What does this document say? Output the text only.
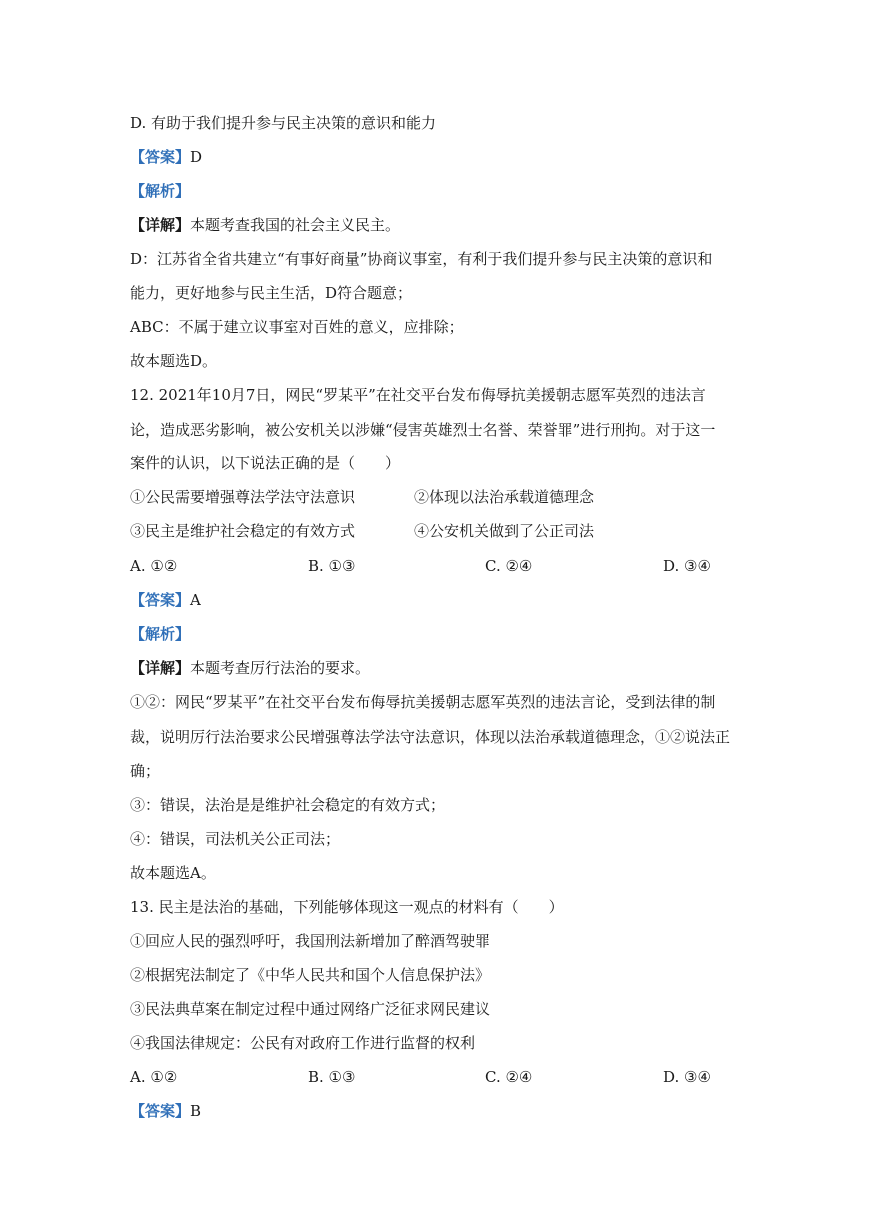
D. 有助于我们提升参与民主决策的意识和能力
【答案】D
【解析】
【详解】本题考查我国的社会主义民主。
D：江苏省全省共建立“有事好商量”协商议事室，有利于我们提升参与民主决策的意识和
能力，更好地参与民主生活，D符合题意；
ABC：不属于建立议事室对百姓的意义，应排除；
故本题选D。
12. 2021年10月7日，网民“罗某平”在社交平台发布侮辱抗美援朝志愿军英烈的违法言
论，造成恶劣影响，被公安机关以涉嫌“侵害英雄烈士名誉、荣誉罪”进行刑拘。对于这一
案件的认识，以下说法正确的是（　　）
①公民需要增强尊法学法守法意识	②体现以法治承载道德理念
③民主是维护社会稳定的有效方式	④公安机关做到了公正司法
A. ①②	B. ①③	C. ②④	D. ③④
【答案】A
【解析】
【详解】本题考查厉行法治的要求。
①②：网民“罗某平”在社交平台发布侮辱抗美援朝志愿军英烈的违法言论，受到法律的制
裁，说明厉行法治要求公民增强尊法学法守法意识，体现以法治承载道德理念，①②说法正
确；
③：错误，法治是是维护社会稳定的有效方式；
④：错误，司法机关公正司法；
故本题选A。
13. 民主是法治的基础，下列能够体现这一观点的材料有（　　）
①回应人民的强烈呼吁，我国刑法新增加了醉酒驾驶罪
②根据宪法制定了《中华人民共和国个人信息保护法》
③民法典草案在制定过程中通过网络广泛征求网民建议
④我国法律规定：公民有对政府工作进行监督的权利
A. ①②	B. ①③	C. ②④	D. ③④
【答案】B
